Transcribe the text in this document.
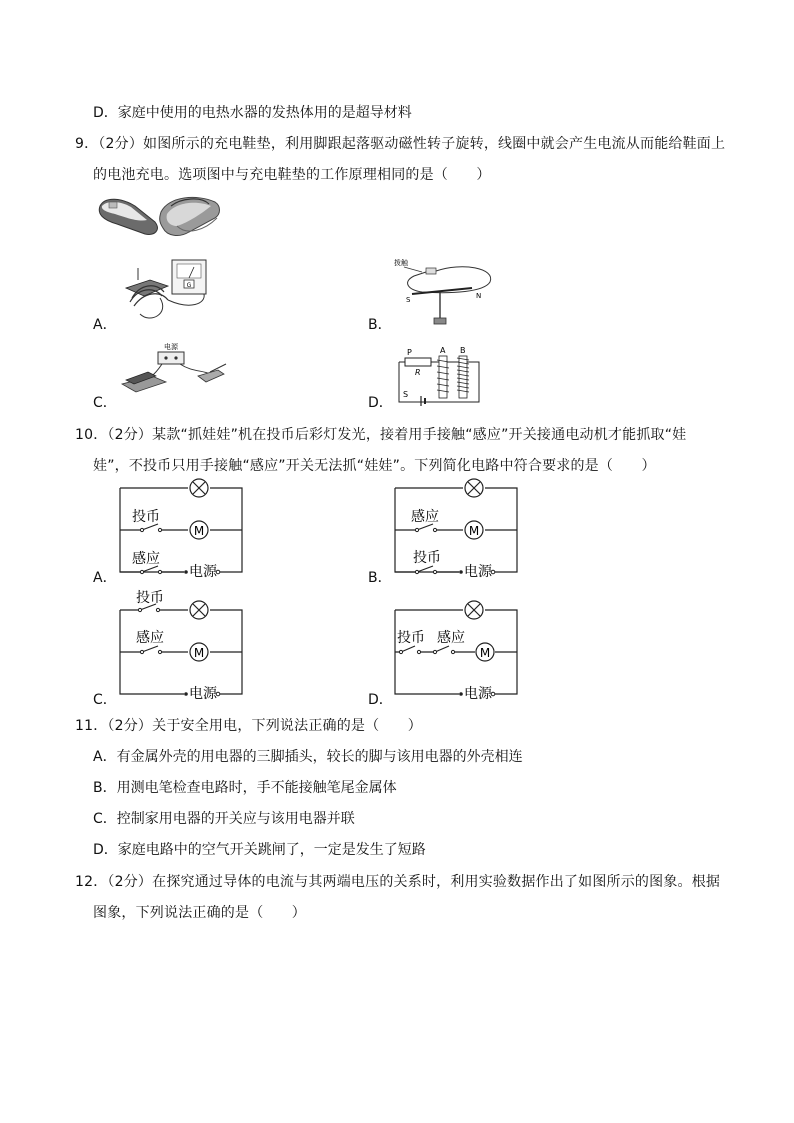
D．家庭中使用的电热水器的发热体用的是超导材料
9．（2分）如图所示的充电鞋垫，利用脚跟起落驱动磁性转子旋转，线圈中就会产生电流从而能给鞋面上
的电池充电。选项图中与充电鞋垫的工作原理相同的是（　　）
A．	B．
C．	D．
G
拨触
S	N
电源
P
R
A B
S
10．（2分）某款“抓娃娃”机在投币后彩灯发光，接着用手接触“感应”开关接通电动机才能抓取“娃
娃”，不投币只用手接触“感应”开关无法抓“娃娃”。下列简化电路中符合要求的是（　　）
A．	B．
C．	D．
投币
M
感应
电源
感应
M
投币
电源
投币
感应
M
电源
投币 感应
M
电源
11．（2分）关于安全用电，下列说法正确的是（　　）
A．有金属外壳的用电器的三脚插头，较长的脚与该用电器的外壳相连
B．用测电笔检查电路时，手不能接触笔尾金属体
C．控制家用电器的开关应与该用电器并联
D．家庭电路中的空气开关跳闸了，一定是发生了短路
12．（2分）在探究通过导体的电流与其两端电压的关系时，利用实验数据作出了如图所示的图象。根据
图象，下列说法正确的是（　　）
